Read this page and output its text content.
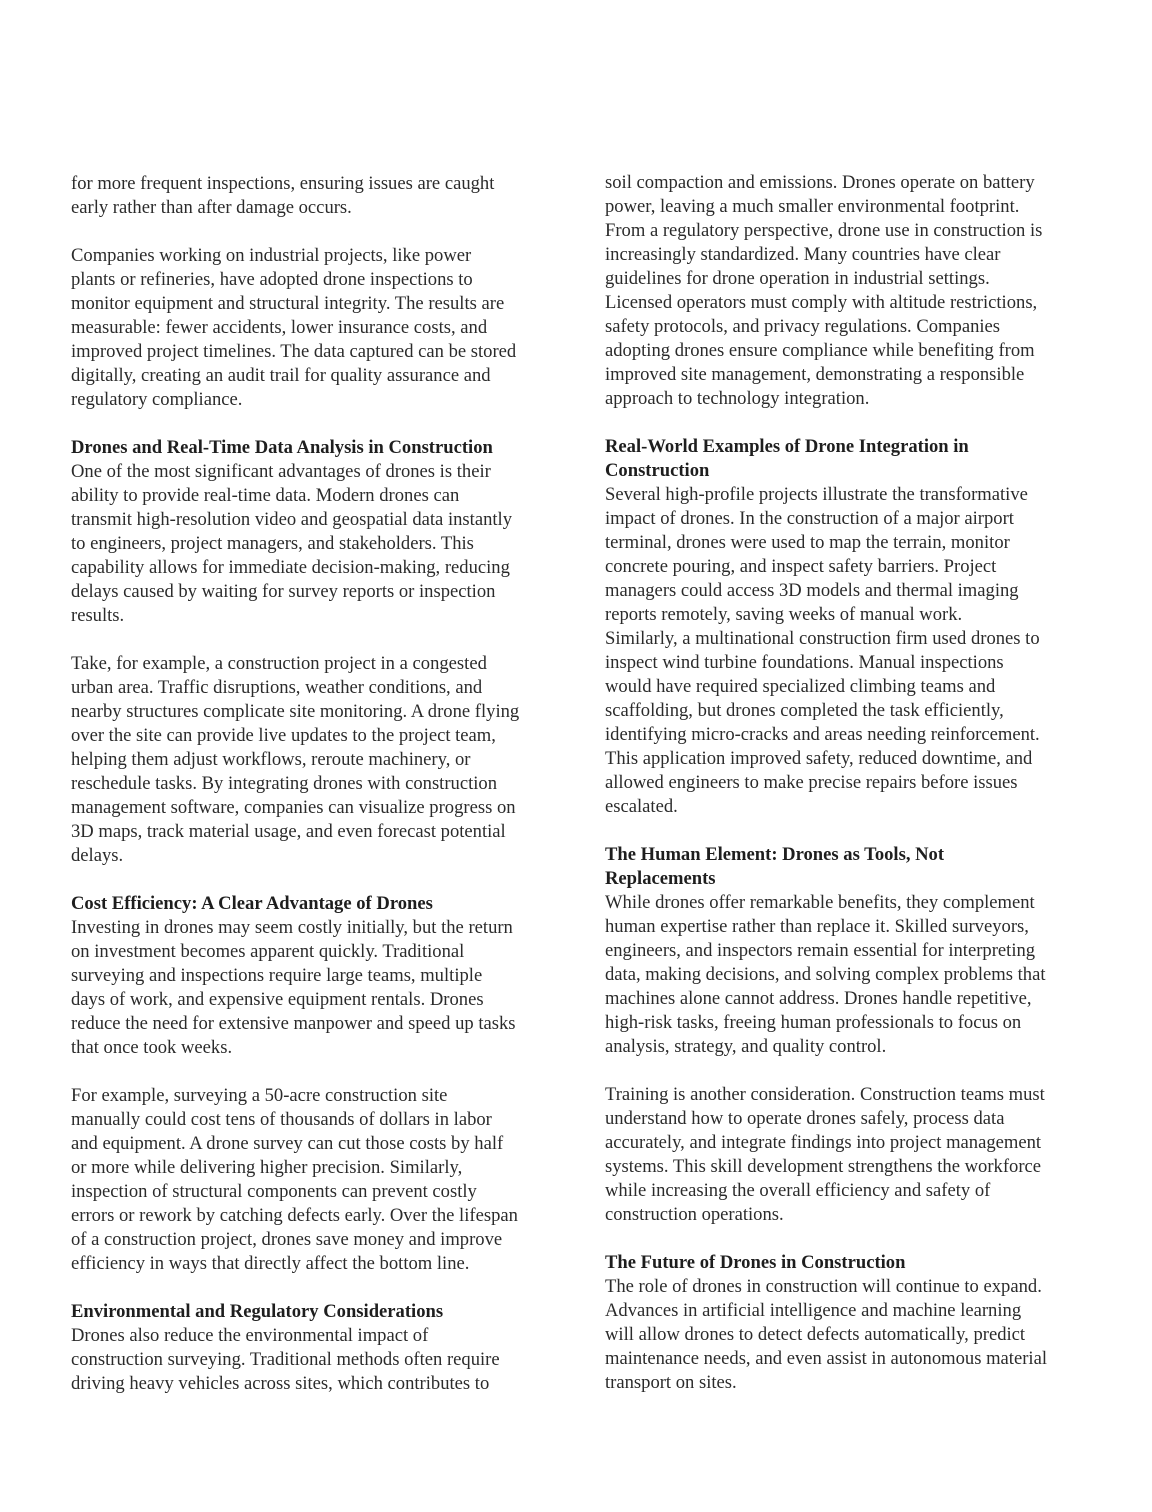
for more frequent inspections, ensuring issues are caught
early rather than after damage occurs.
Companies working on industrial projects, like power
plants or refineries, have adopted drone inspections to
monitor equipment and structural integrity. The results are
measurable: fewer accidents, lower insurance costs, and
improved project timelines. The data captured can be stored
digitally, creating an audit trail for quality assurance and
regulatory compliance.
Drones and Real-Time Data Analysis in Construction
One of the most significant advantages of drones is their
ability to provide real-time data. Modern drones can
transmit high-resolution video and geospatial data instantly
to engineers, project managers, and stakeholders. This
capability allows for immediate decision-making, reducing
delays caused by waiting for survey reports or inspection
results.
Take, for example, a construction project in a congested
urban area. Traffic disruptions, weather conditions, and
nearby structures complicate site monitoring. A drone flying
over the site can provide live updates to the project team,
helping them adjust workflows, reroute machinery, or
reschedule tasks. By integrating drones with construction
management software, companies can visualize progress on
3D maps, track material usage, and even forecast potential
delays.
Cost Efficiency: A Clear Advantage of Drones
Investing in drones may seem costly initially, but the return
on investment becomes apparent quickly. Traditional
surveying and inspections require large teams, multiple
days of work, and expensive equipment rentals. Drones
reduce the need for extensive manpower and speed up tasks
that once took weeks.
For example, surveying a 50-acre construction site
manually could cost tens of thousands of dollars in labor
and equipment. A drone survey can cut those costs by half
or more while delivering higher precision. Similarly,
inspection of structural components can prevent costly
errors or rework by catching defects early. Over the lifespan
of a construction project, drones save money and improve
efficiency in ways that directly affect the bottom line.
Environmental and Regulatory Considerations
Drones also reduce the environmental impact of
construction surveying. Traditional methods often require
driving heavy vehicles across sites, which contributes to
soil compaction and emissions. Drones operate on battery
power, leaving a much smaller environmental footprint.
From a regulatory perspective, drone use in construction is
increasingly standardized. Many countries have clear
guidelines for drone operation in industrial settings.
Licensed operators must comply with altitude restrictions,
safety protocols, and privacy regulations. Companies
adopting drones ensure compliance while benefiting from
improved site management, demonstrating a responsible
approach to technology integration.
Real-World Examples of Drone Integration in
Construction
Several high-profile projects illustrate the transformative
impact of drones. In the construction of a major airport
terminal, drones were used to map the terrain, monitor
concrete pouring, and inspect safety barriers. Project
managers could access 3D models and thermal imaging
reports remotely, saving weeks of manual work.
Similarly, a multinational construction firm used drones to
inspect wind turbine foundations. Manual inspections
would have required specialized climbing teams and
scaffolding, but drones completed the task efficiently,
identifying micro-cracks and areas needing reinforcement.
This application improved safety, reduced downtime, and
allowed engineers to make precise repairs before issues
escalated.
The Human Element: Drones as Tools, Not
Replacements
While drones offer remarkable benefits, they complement
human expertise rather than replace it. Skilled surveyors,
engineers, and inspectors remain essential for interpreting
data, making decisions, and solving complex problems that
machines alone cannot address. Drones handle repetitive,
high-risk tasks, freeing human professionals to focus on
analysis, strategy, and quality control.
Training is another consideration. Construction teams must
understand how to operate drones safely, process data
accurately, and integrate findings into project management
systems. This skill development strengthens the workforce
while increasing the overall efficiency and safety of
construction operations.
The Future of Drones in Construction
The role of drones in construction will continue to expand.
Advances in artificial intelligence and machine learning
will allow drones to detect defects automatically, predict
maintenance needs, and even assist in autonomous material
transport on sites.
